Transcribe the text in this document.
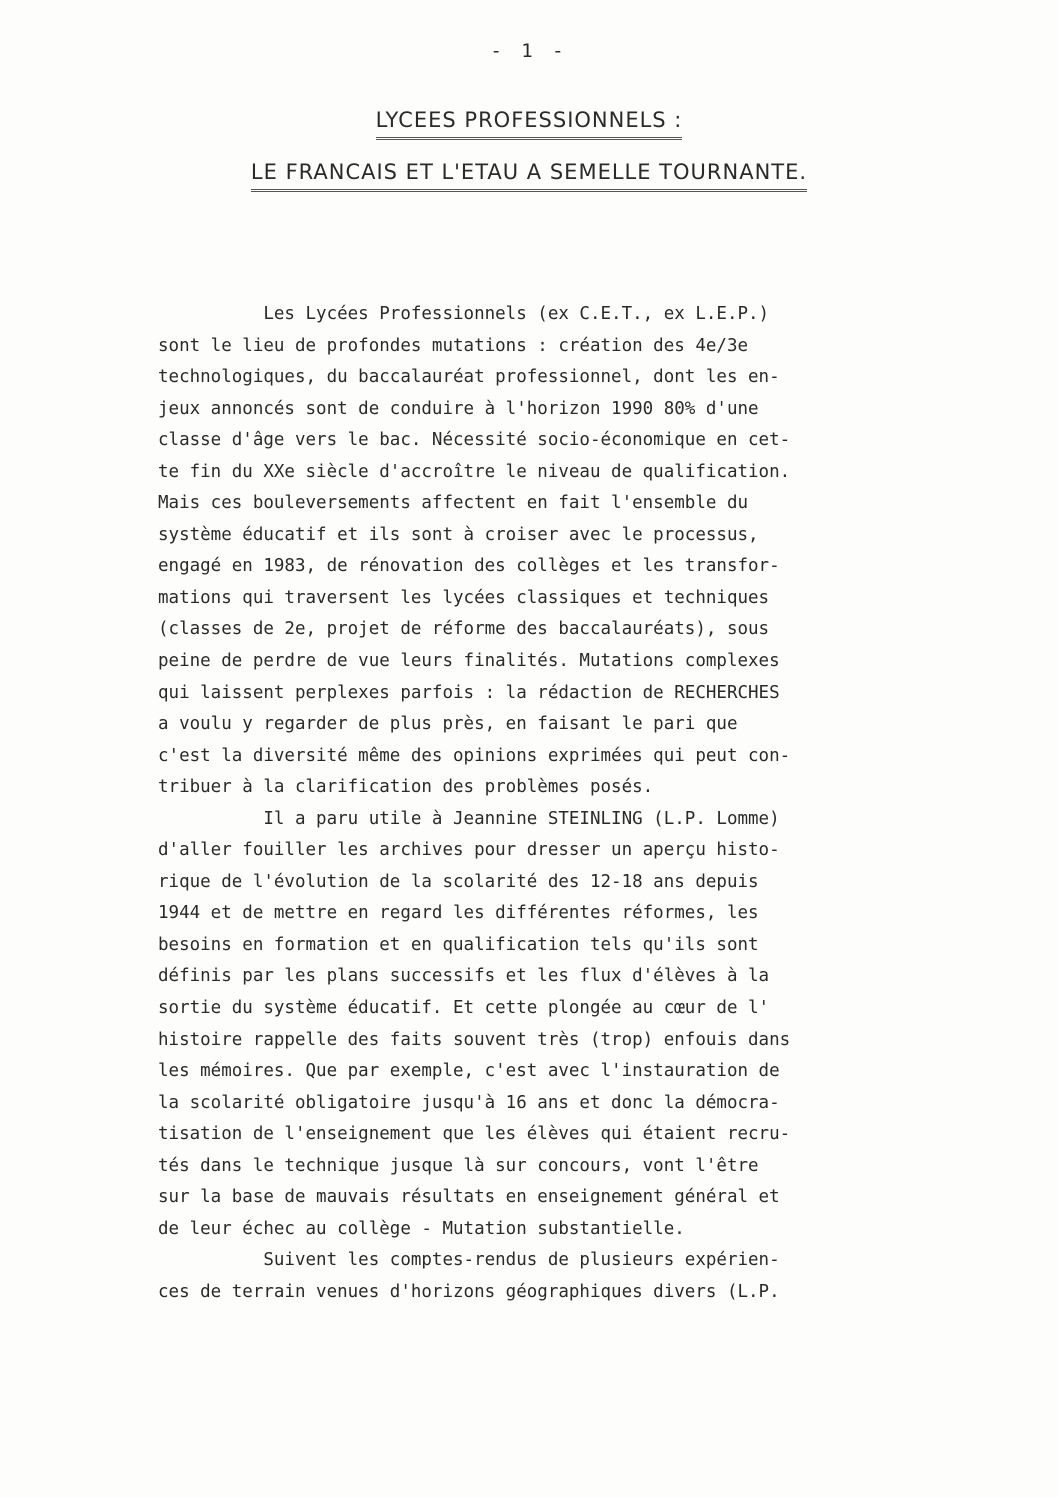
- 1 -
LYCEES PROFESSIONNELS :
LE FRANCAIS ET L'ETAU A SEMELLE TOURNANTE.
Les Lycées Professionnels (ex C.E.T., ex L.E.P.)
sont le lieu de profondes mutations : création des 4e/3e
technologiques, du baccalauréat professionnel, dont les en-
jeux annoncés sont de conduire à l'horizon 1990 80% d'une
classe d'âge vers le bac. Nécessité socio-économique en cet-
te fin du XXe siècle d'accroître le niveau de qualification.
Mais ces bouleversements affectent en fait l'ensemble du
système éducatif et ils sont à croiser avec le processus,
engagé en 1983, de rénovation des collèges et les transfor-
mations qui traversent les lycées classiques et techniques
(classes de 2e, projet de réforme des baccalauréats), sous
peine de perdre de vue leurs finalités. Mutations complexes
qui laissent perplexes parfois : la rédaction de RECHERCHES
a voulu y regarder de plus près, en faisant le pari que
c'est la diversité même des opinions exprimées qui peut con-
tribuer à la clarification des problèmes posés.
Il a paru utile à Jeannine STEINLING (L.P. Lomme)
d'aller fouiller les archives pour dresser un aperçu histo-
rique de l'évolution de la scolarité des 12-18 ans depuis
1944 et de mettre en regard les différentes réformes, les
besoins en formation et en qualification tels qu'ils sont
définis par les plans successifs et les flux d'élèves à la
sortie du système éducatif. Et cette plongée au cœur de l'
histoire rappelle des faits souvent très (trop) enfouis dans
les mémoires. Que par exemple, c'est avec l'instauration de
la scolarité obligatoire jusqu'à 16 ans et donc la démocra-
tisation de l'enseignement que les élèves qui étaient recru-
tés dans le technique jusque là sur concours, vont l'être
sur la base de mauvais résultats en enseignement général et
de leur échec au collège - Mutation substantielle.
Suivent les comptes-rendus de plusieurs expérien-
ces de terrain venues d'horizons géographiques divers (L.P.
